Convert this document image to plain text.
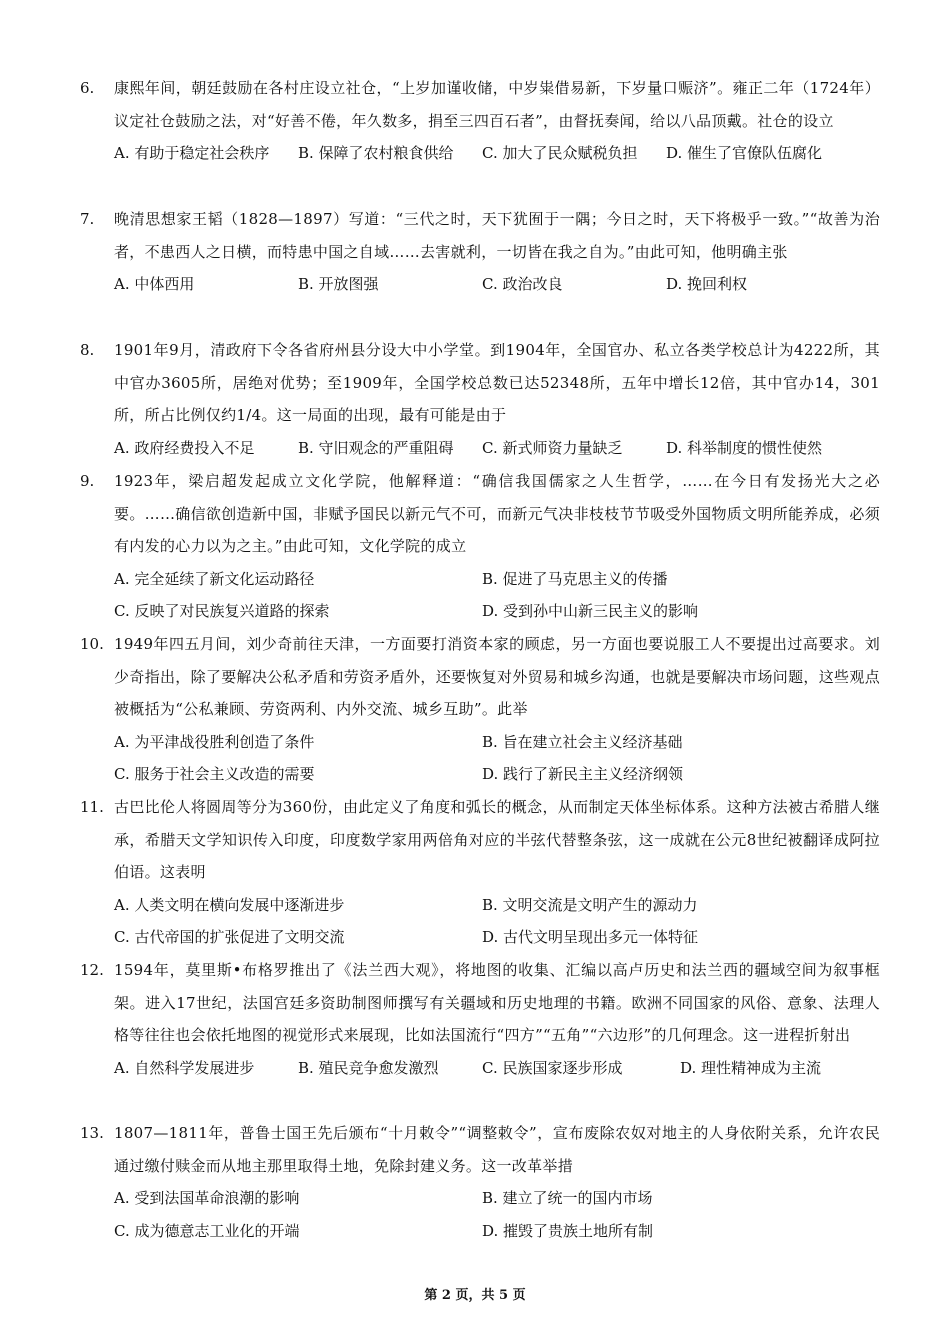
6. 康熙年间，朝廷鼓励在各村庄设立社仓，“上岁加谨收储，中岁粜借易新，下岁量口赈济”。雍正二年（1724年）议定社仓鼓励之法，对“好善不倦，年久数多，捐至三四百石者”，由督抚奏闻，给以八品顶戴。社仓的设立
A. 有助于稳定社会秩序 B. 保障了农村粮食供给 C. 加大了民众赋税负担 D. 催生了官僚队伍腐化
7. 晚清思想家王韬（1828—1897）写道：“三代之时，天下犹囿于一隅；今日之时，天下将极乎一致。”“故善为治者，不患西人之日横，而特患中国之自域……去害就利，一切皆在我之自为。”由此可知，他明确主张
A. 中体西用	B. 开放图强	C. 政治改良	D. 挽回利权
8. 1901年9月，清政府下令各省府州县分设大中小学堂。到1904年，全国官办、私立各类学校总计为4222所，其中官办3605所，居绝对优势；至1909年，全国学校总数已达52348所，五年中增长12倍，其中官办14，301所，所占比例仅约1/4。这一局面的出现，最有可能是由于
A. 政府经费投入不足	B. 守旧观念的严重阻碍 C. 新式师资力量缺乏	D. 科举制度的惯性使然
9. 1923年，梁启超发起成立文化学院，他解释道：“确信我国儒家之人生哲学，……在今日有发扬光大之必要。……确信欲创造新中国，非赋予国民以新元气不可，而新元气决非枝枝节节吸受外国物质文明所能养成，必须有内发的心力以为之主。”由此可知，文化学院的成立
A. 完全延续了新文化运动路径	B. 促进了马克思主义的传播
C. 反映了对民族复兴道路的探索	D. 受到孙中山新三民主义的影响
10. 1949年四五月间，刘少奇前往天津，一方面要打消资本家的顾虑，另一方面也要说服工人不要提出过高要求。刘少奇指出，除了要解决公私矛盾和劳资矛盾外，还要恢复对外贸易和城乡沟通，也就是要解决市场问题，这些观点被概括为“公私兼顾、劳资两利、内外交流、城乡互助”。此举
A. 为平津战役胜利创造了条件	B. 旨在建立社会主义经济基础
C. 服务于社会主义改造的需要	D. 践行了新民主主义经济纲领
11. 古巴比伦人将圆周等分为360份，由此定义了角度和弧长的概念，从而制定天体坐标体系。这种方法被古希腊人继承，希腊天文学知识传入印度，印度数学家用两倍角对应的半弦代替整条弦，这一成就在公元8世纪被翻译成阿拉伯语。这表明
A. 人类文明在横向发展中逐渐进步	B. 文明交流是文明产生的源动力
C. 古代帝国的扩张促进了文明交流	D. 古代文明呈现出多元一体特征
12. 1594年，莫里斯•布格罗推出了《法兰西大观》，将地图的收集、汇编以高卢历史和法兰西的疆域空间为叙事框架。进入17世纪，法国宫廷多资助制图师撰写有关疆域和历史地理的书籍。欧洲不同国家的风俗、意象、法理人格等往往也会依托地图的视觉形式来展现，比如法国流行“四方”“五角”“六边形”的几何理念。这一进程折射出
A. 自然科学发展进步	B. 殖民竞争愈发激烈	C. 民族国家逐步形成	D. 理性精神成为主流
13. 1807—1811年，普鲁士国王先后颁布“十月敕令”“调整敕令”，宣布废除农奴对地主的人身依附关系，允许农民通过缴付赎金而从地主那里取得土地，免除封建义务。这一改革举措
A. 受到法国革命浪潮的影响	B. 建立了统一的国内市场
C. 成为德意志工业化的开端	D. 摧毁了贵族土地所有制
第 2 页，共 5 页
